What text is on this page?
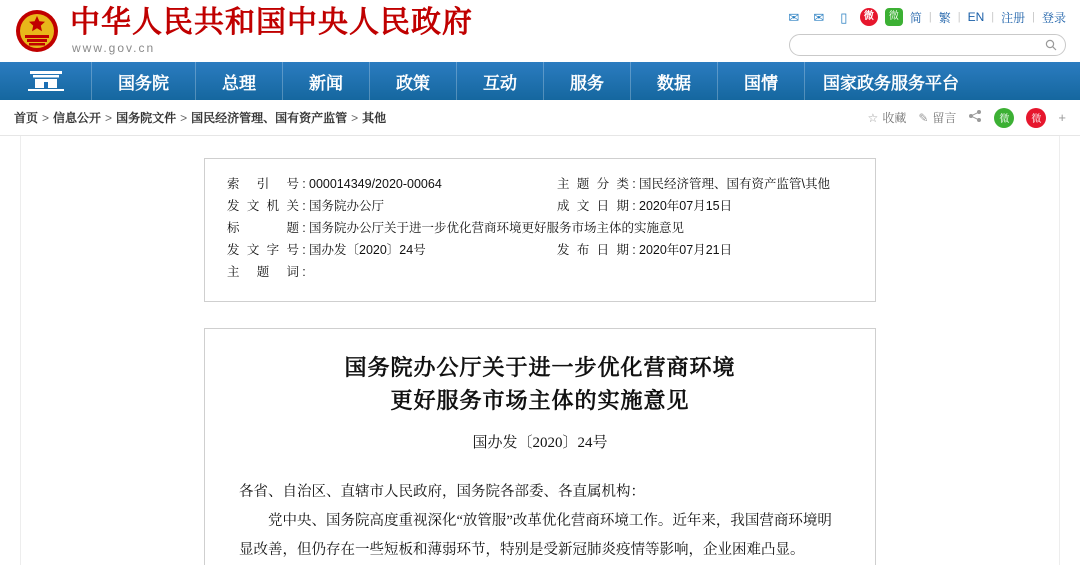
中华人民共和国中央人民政府
www.gov.cn
✉ ✉	▯	微	微 简 | 繁 | EN | 注册 | 登录
国务院	总理	新闻	政策	互动	服务	数据	国情	国家政务服务平台
首页 > 信息公开 > 国务院文件 > 国民经济管理、国有资产监管 > 其他	☆ 收藏 ✎ 留言	微	微	+
索引号 : 000014349/2020-00064	主题分类 : 国民经济管理、国有资产监管\其他
发文机关 : 国务院办公厅	成文日期 : 2020年07月15日
标　　题 : 国务院办公厅关于进一步优化营商环境更好服务市场主体的实施意见
发文字号 : 国办发〔2020〕24号	发布日期 : 2020年07月21日
主 题 词 :
国务院办公厅关于进一步优化营商环境
更好服务市场主体的实施意见
国办发〔2020〕24号

各省、自治区、直辖市人民政府，国务院各部委、各直属机构：

党中央、国务院高度重视深化“放管服”改革优化营商环境工作。近年来，我国营商环境明显改善，但仍存在一些短板和薄弱环节，特别是受新冠肺炎疫情等影响，企业困难凸显。
